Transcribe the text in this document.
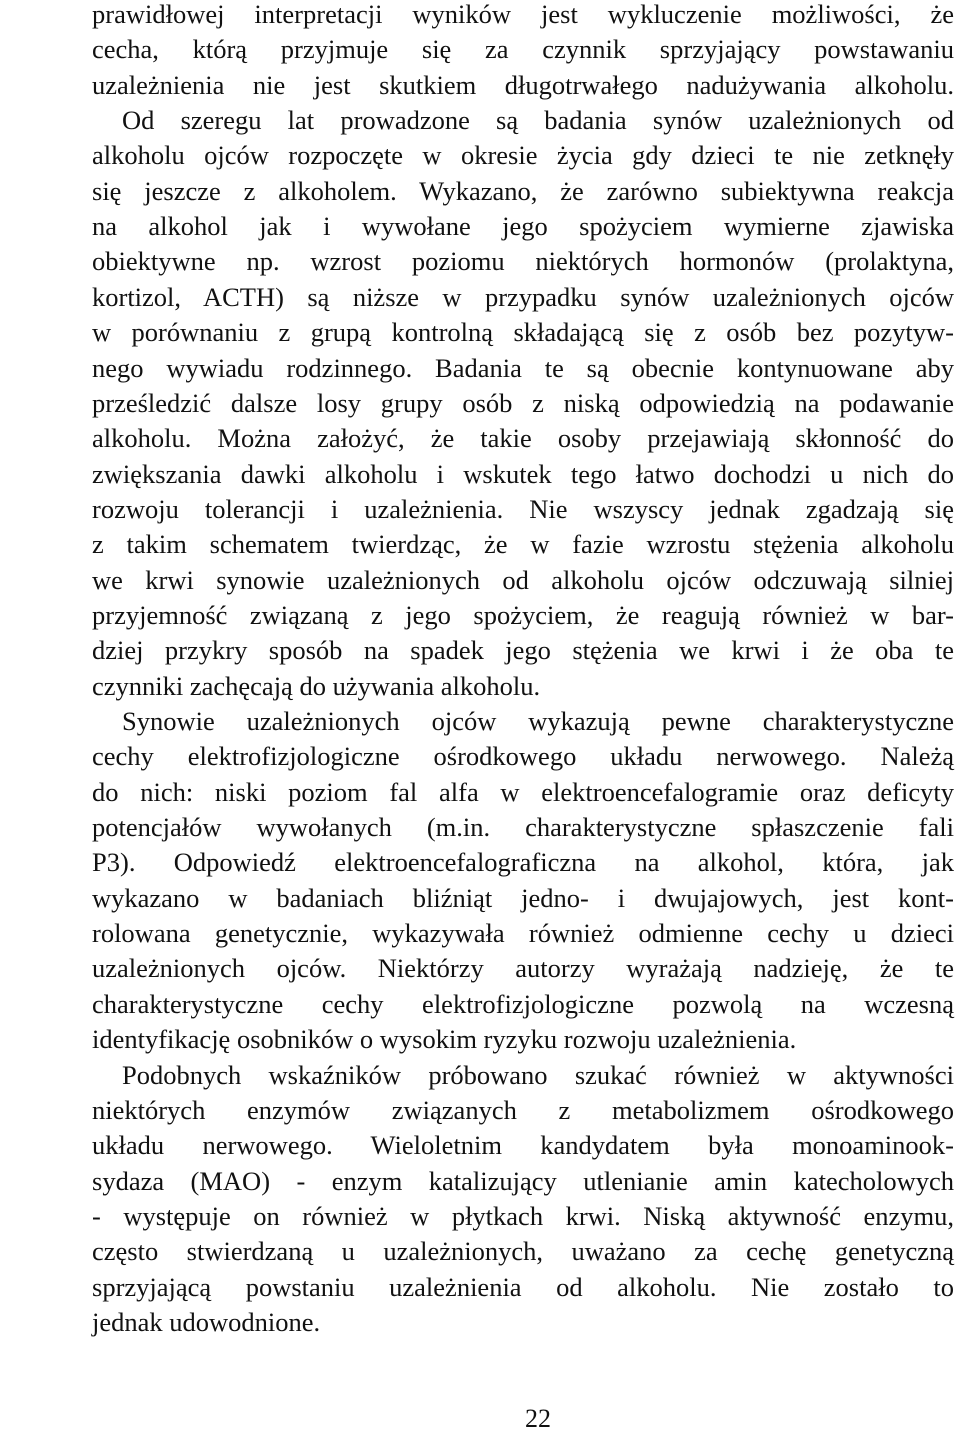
prawidłowej interpretacji wyników jest wykluczenie możliwości, że
cecha, którą przyjmuje się za czynnik sprzyjający powstawaniu
uzależnienia nie jest skutkiem długotrwałego nadużywania alkoholu.
Od szeregu lat prowadzone są badania synów uzależnionych od
alkoholu ojców rozpoczęte w okresie życia gdy dzieci te nie zetknęły
się jeszcze z alkoholem. Wykazano, że zarówno subiektywna reakcja
na alkohol jak i wywołane jego spożyciem wymierne zjawiska
obiektywne np. wzrost poziomu niektórych hormonów (prolaktyna,
kortizol, ACTH) są niższe w przypadku synów uzależnionych ojców
w porównaniu z grupą kontrolną składającą się z osób bez pozytyw-
nego wywiadu rodzinnego. Badania te są obecnie kontynuowane aby
prześledzić dalsze losy grupy osób z niską odpowiedzią na podawanie
alkoholu. Można założyć, że takie osoby przejawiają skłonność do
zwiększania dawki alkoholu i wskutek tego łatwo dochodzi u nich do
rozwoju tolerancji i uzależnienia. Nie wszyscy jednak zgadzają się
z takim schematem twierdząc, że w fazie wzrostu stężenia alkoholu
we krwi synowie uzależnionych od alkoholu ojców odczuwają silniej
przyjemność związaną z jego spożyciem, że reagują również w bar-
dziej przykry sposób na spadek jego stężenia we krwi i że oba te
czynniki zachęcają do używania alkoholu.
Synowie uzależnionych ojców wykazują pewne charakterystyczne
cechy elektrofizjologiczne ośrodkowego układu nerwowego. Należą
do nich: niski poziom fal alfa w elektroencefalogramie oraz deficyty
potencjałów wywołanych (m.in. charakterystyczne spłaszczenie fali
P3). Odpowiedź elektroencefalograficzna na alkohol, która, jak
wykazano w badaniach bliźniąt jedno- i dwujajowych, jest kont-
rolowana genetycznie, wykazywała również odmienne cechy u dzieci
uzależnionych ojców. Niektórzy autorzy wyrażają nadzieję, że te
charakterystyczne cechy elektrofizjologiczne pozwolą na wczesną
identyfikację osobników o wysokim ryzyku rozwoju uzależnienia.
Podobnych wskaźników próbowano szukać również w aktywności
niektórych enzymów związanych z metabolizmem ośrodkowego
układu nerwowego. Wieloletnim kandydatem była monoaminook-
sydaza (MAO) - enzym katalizujący utlenianie amin katecholowych
- występuje on również w płytkach krwi. Niską aktywność enzymu,
często stwierdzaną u uzależnionych, uważano za cechę genetyczną
sprzyjającą powstaniu uzależnienia od alkoholu. Nie zostało to
jednak udowodnione.
22
